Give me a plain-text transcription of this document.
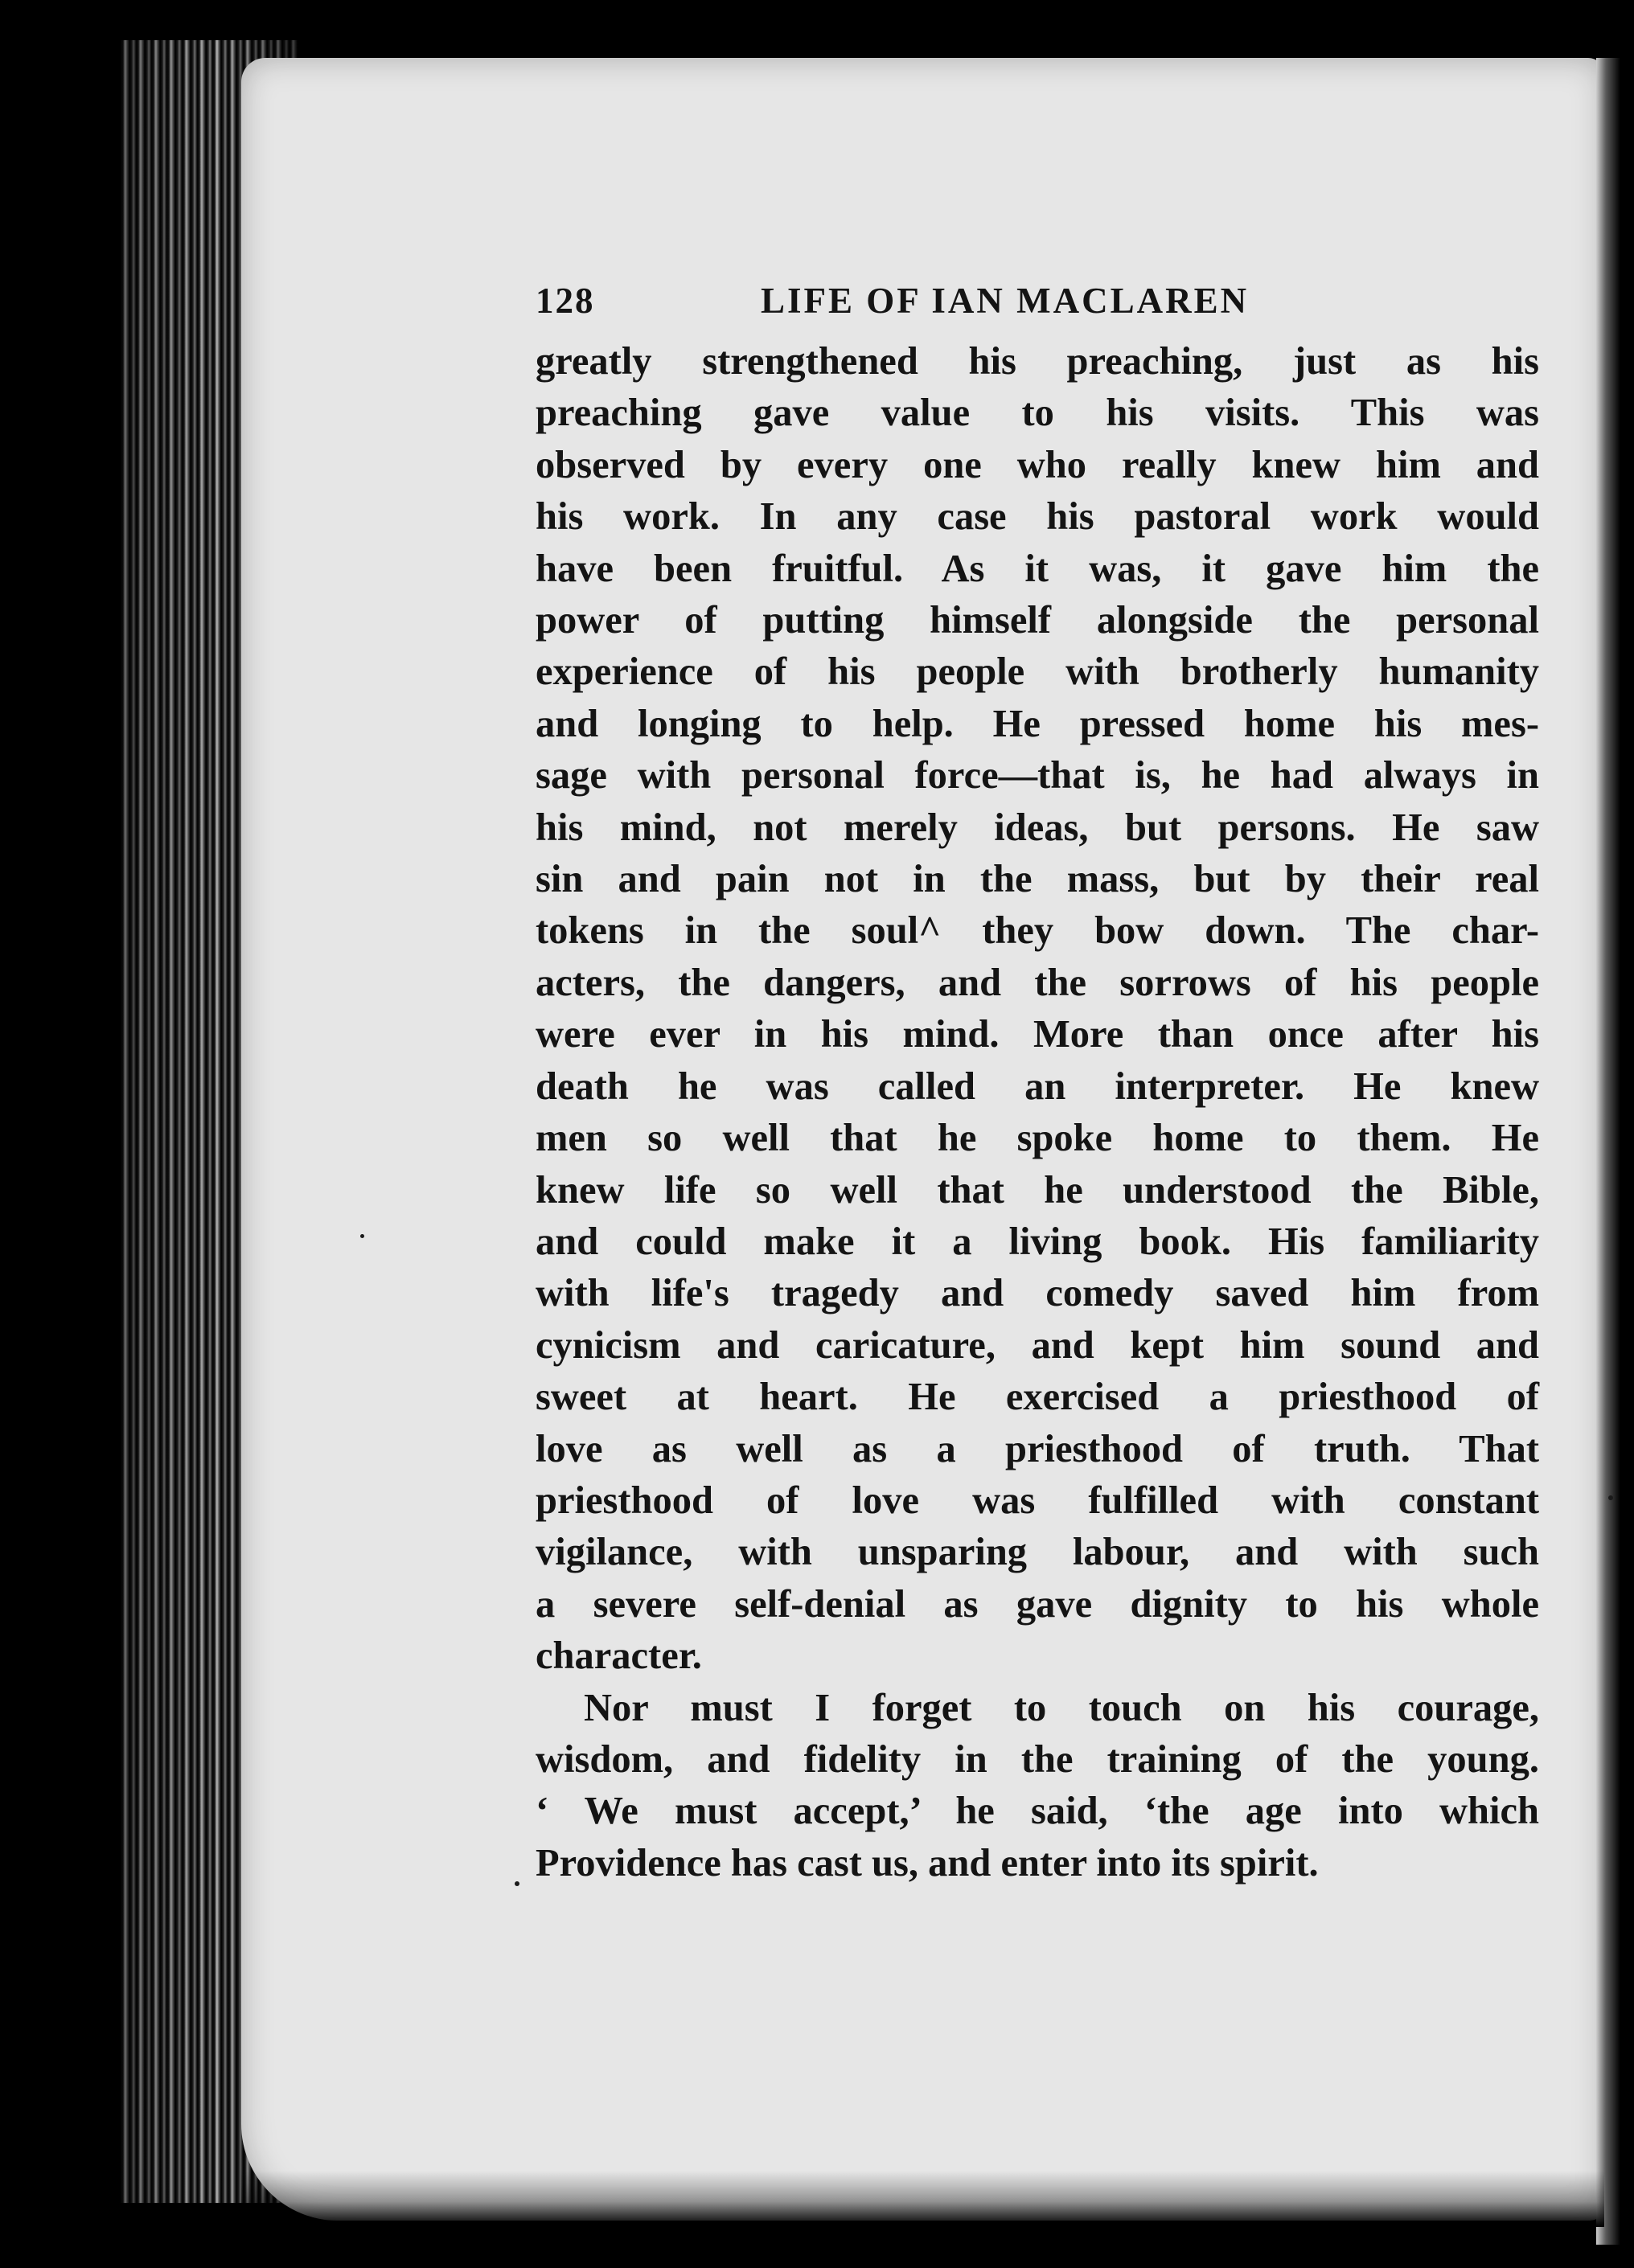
128	LIFE OF IAN MACLAREN
greatly strengthened his preaching, just as his
preaching gave value to his visits. This was
observed by every one who really knew him and
his work. In any case his pastoral work would
have been fruitful. As it was, it gave him the
power of putting himself alongside the personal
experience of his people with brotherly humanity
and longing to help. He pressed home his mes-
sage with personal force—that is, he had always in
his mind, not merely ideas, but persons. He saw
sin and pain not in the mass, but by their real
tokens in the soul^ they bow down. The char-
acters, the dangers, and the sorrows of his people
were ever in his mind. More than once after his
death he was called an interpreter. He knew
men so well that he spoke home to them. He
knew life so well that he understood the Bible,
and could make it a living book. His familiarity
with life's tragedy and comedy saved him from
cynicism and caricature, and kept him sound and
sweet at heart. He exercised a priesthood of
love as well as a priesthood of truth. That
priesthood of love was fulfilled with constant
vigilance, with unsparing labour, and with such
a severe self-denial as gave dignity to his whole
character.
Nor must I forget to touch on his courage,
wisdom, and fidelity in the training of the young.
‘ We must accept,’ he said, ‘the age into which
Providence has cast us, and enter into its spirit.
